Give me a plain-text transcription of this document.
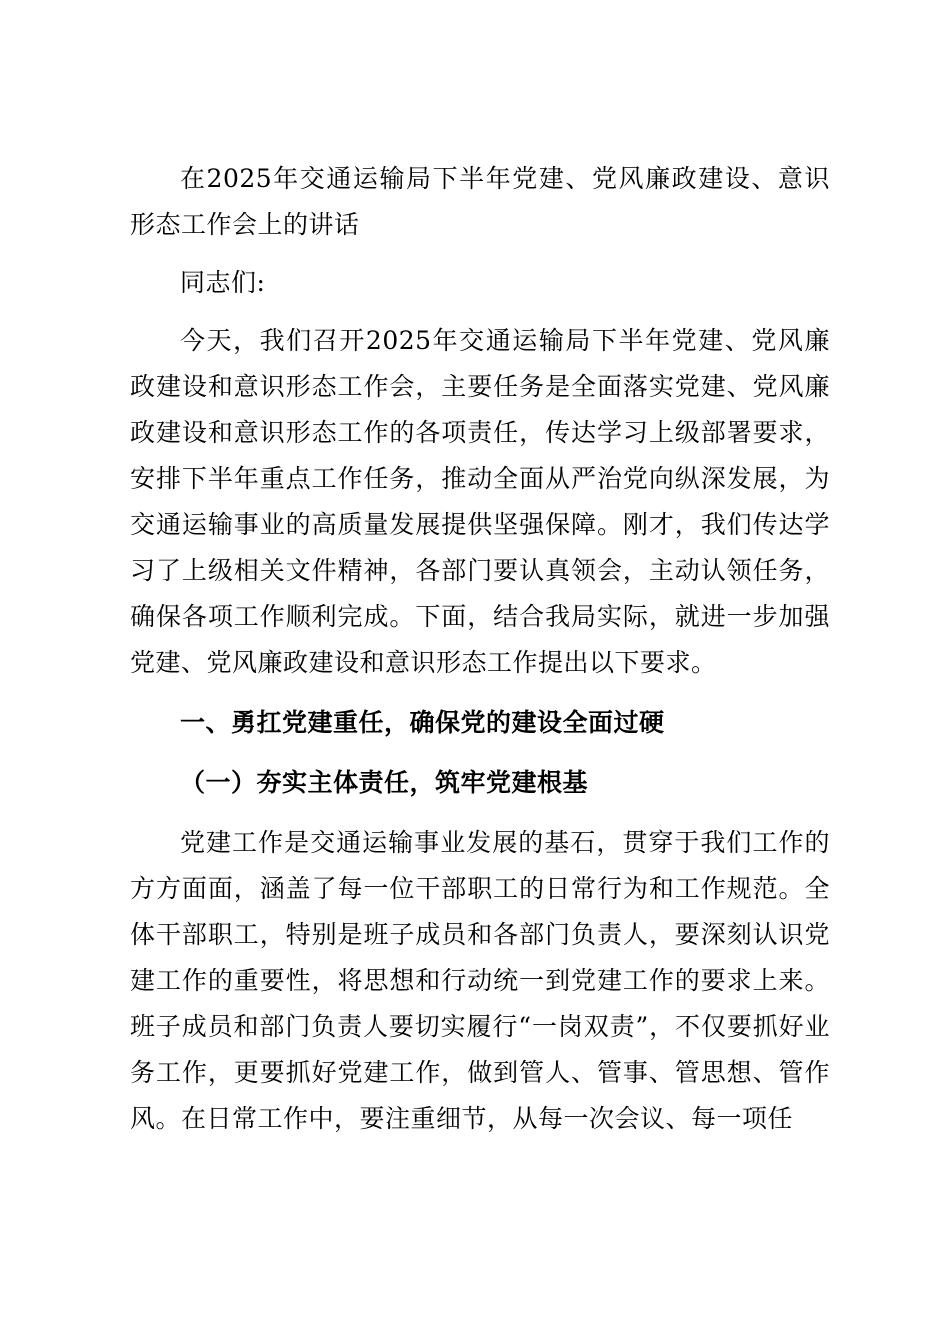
在2025年交通运输局下半年党建、党风廉政建设、意识形态工作会上的讲话

同志们:

今天，我们召开2025年交通运输局下半年党建、党风廉政建设和意识形态工作会，主要任务是全面落实党建、党风廉政建设和意识形态工作的各项责任，传达学习上级部署要求，安排下半年重点工作任务，推动全面从严治党向纵深发展，为交通运输事业的高质量发展提供坚强保障。刚才，我们传达学习了上级相关文件精神，各部门要认真领会，主动认领任务，确保各项工作顺利完成。下面，结合我局实际，就进一步加强党建、党风廉政建设和意识形态工作提出以下要求。

一、勇扛党建重任，确保党的建设全面过硬

（一）夯实主体责任，筑牢党建根基

党建工作是交通运输事业发展的基石，贯穿于我们工作的方方面面，涵盖了每一位干部职工的日常行为和工作规范。全体干部职工，特别是班子成员和各部门负责人，要深刻认识党建工作的重要性，将思想和行动统一到党建工作的要求上来。班子成员和部门负责人要切实履行“一岗双责”，不仅要抓好业务工作，更要抓好党建工作，做到管人、管事、管思想、管作风。在日常工作中，要注重细节，从每一次会议、每一项任
